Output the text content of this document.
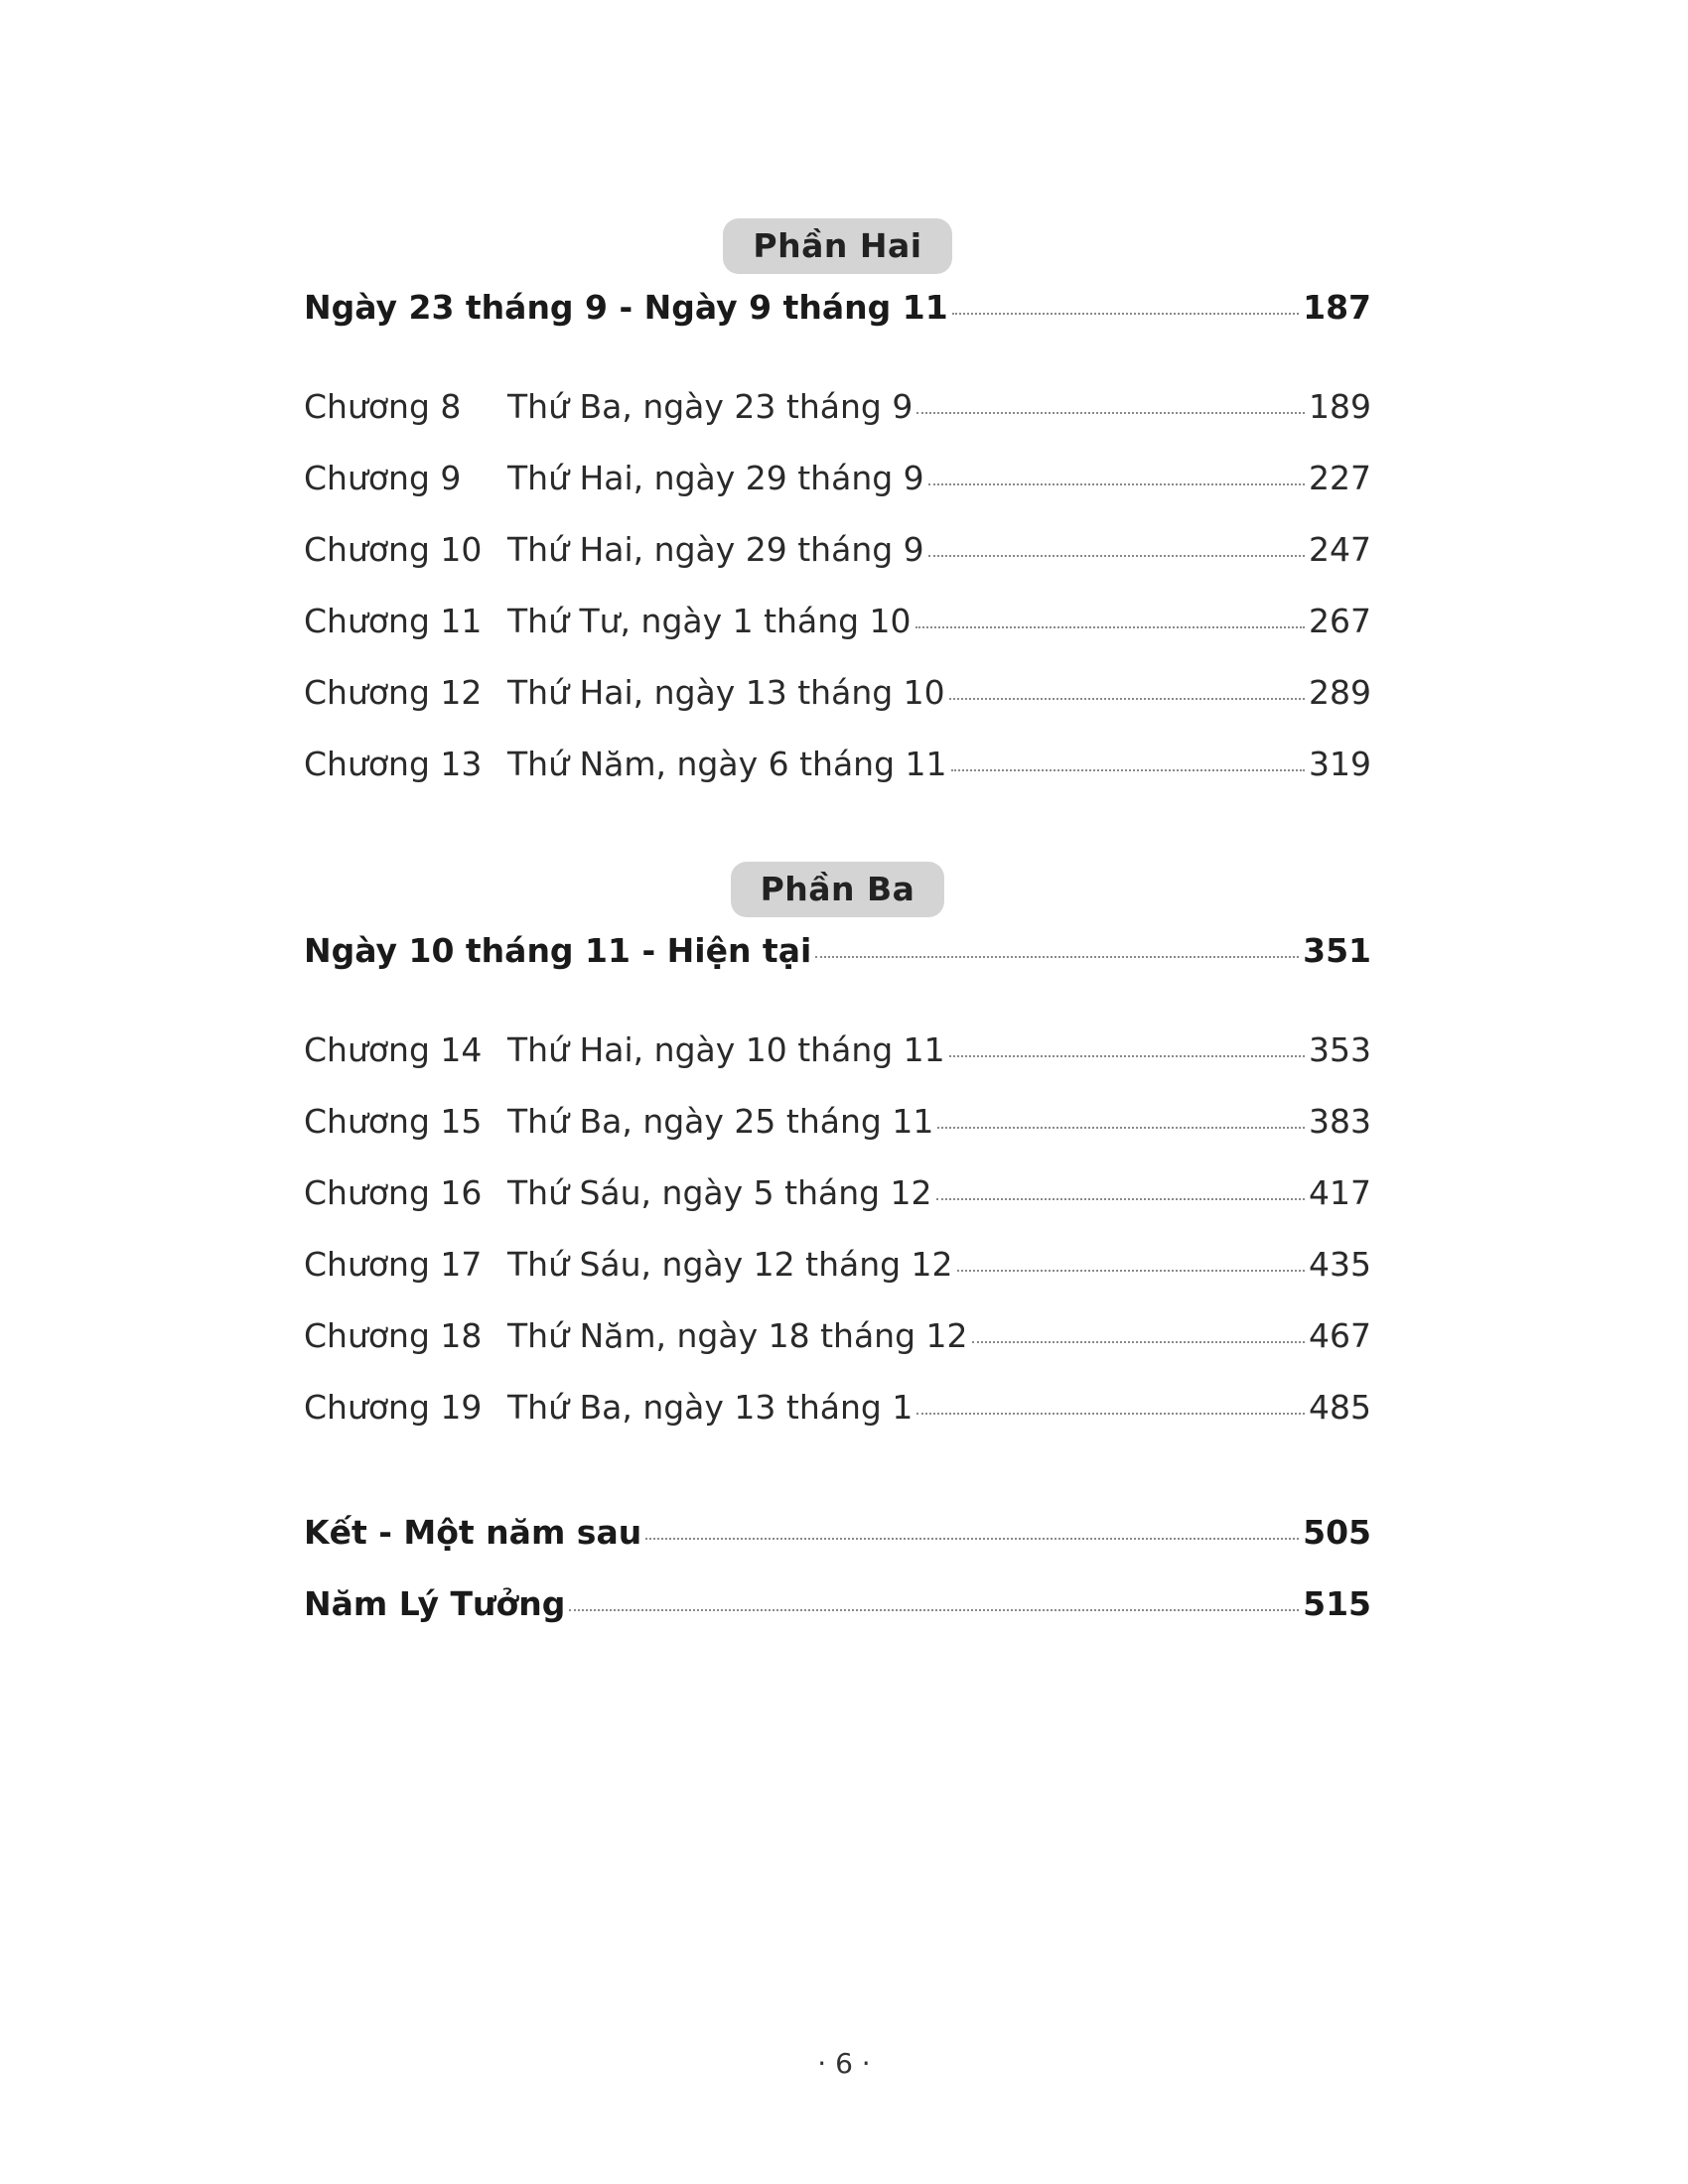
Phần Hai
Ngày 23 tháng 9 - Ngày 9 tháng 11	187
Chương 8	Thứ Ba, ngày 23 tháng 9	189
Chương 9	Thứ Hai, ngày 29 tháng 9	227
Chương 10 Thứ Hai, ngày 29 tháng 9	247
Chương 11 Thứ Tư, ngày 1 tháng 10	267
Chương 12 Thứ Hai, ngày 13 tháng 10	289
Chương 13 Thứ Năm, ngày 6 tháng 11	319
Phần Ba
Ngày 10 tháng 11 - Hiện tại	351
Chương 14 Thứ Hai, ngày 10 tháng 11	353
Chương 15 Thứ Ba, ngày 25 tháng 11	383
Chương 16 Thứ Sáu, ngày 5 tháng 12	417
Chương 17 Thứ Sáu, ngày 12 tháng 12	435
Chương 18 Thứ Năm, ngày 18 tháng 12	467
Chương 19 Thứ Ba, ngày 13 tháng 1	485
Kết - Một năm sau	505
Năm Lý Tưởng	515
· 6 ·
